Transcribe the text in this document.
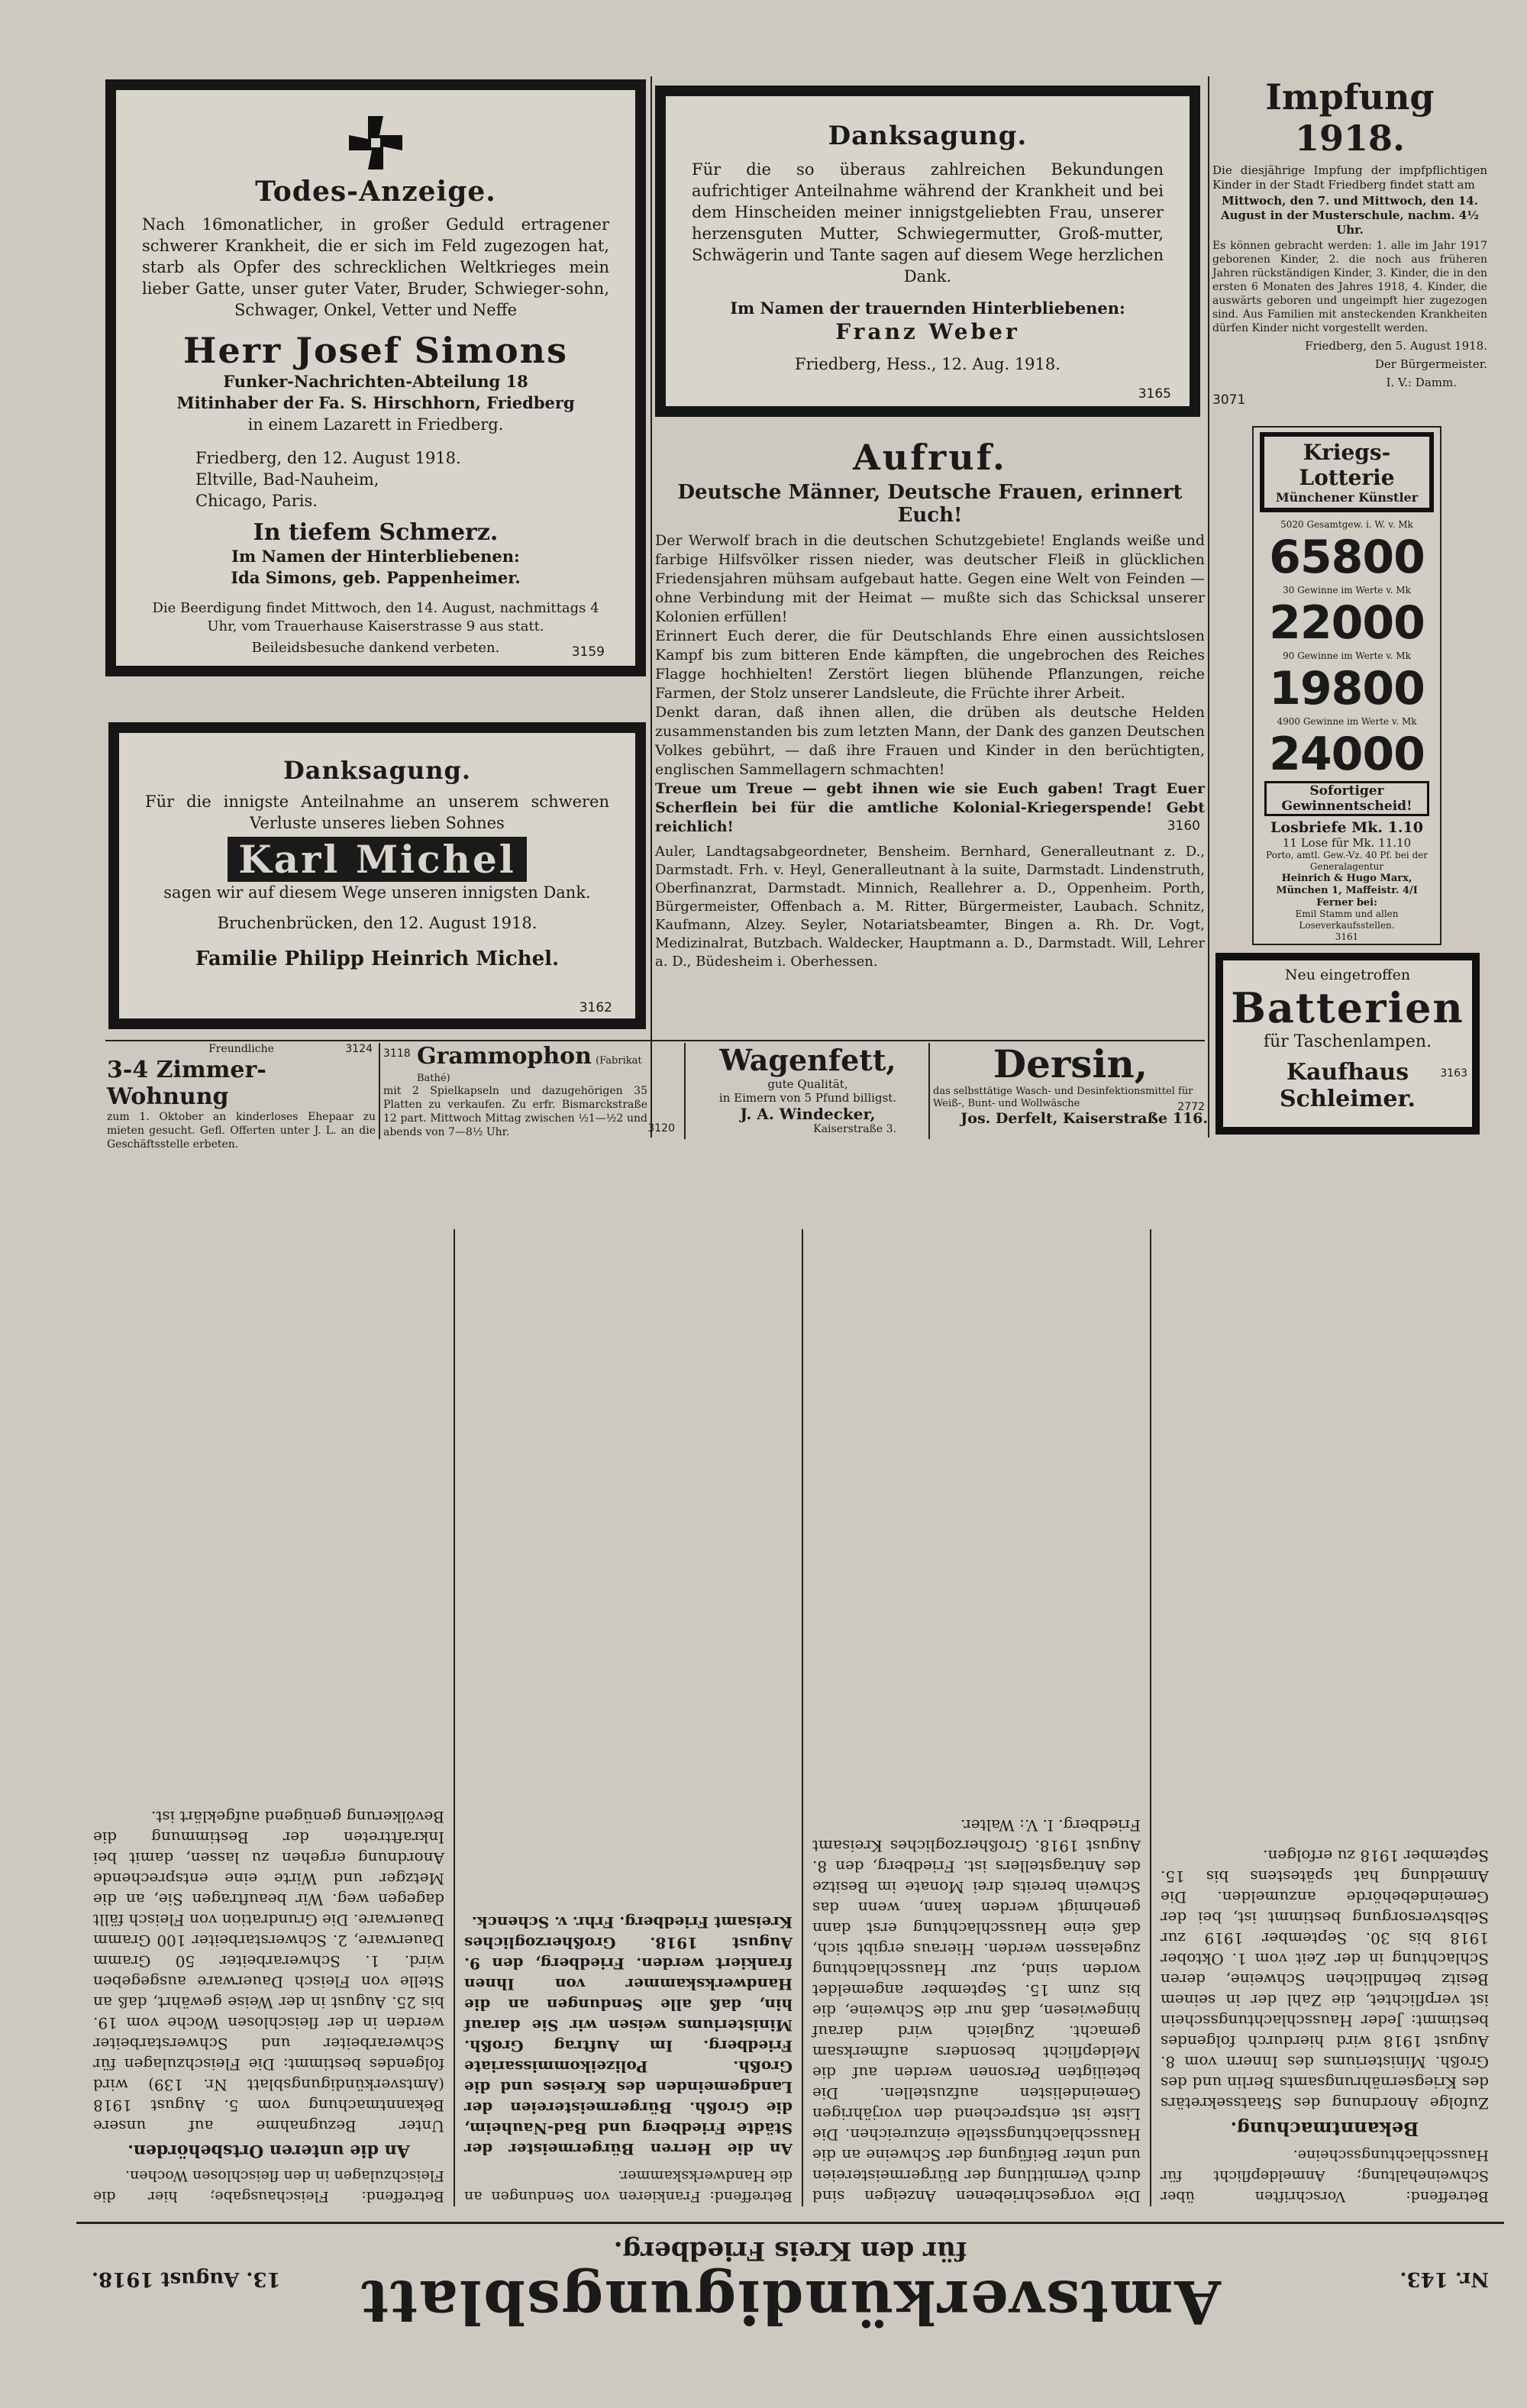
Todes-Anzeige.
Nach 16monatlicher, in großer Geduld ertragener schwerer Krankheit, die er sich im Feld zugezogen hat, starb als Opfer des schrecklichen Weltkrieges mein lieber Gatte, unser guter Vater, Bruder, Schwieger-sohn, Schwager, Onkel, Vetter und Neffe
Herr Josef Simons
Funker-Nachrichten-Abteilung 18
Mitinhaber der Fa. S. Hirschhorn, Friedberg
in einem Lazarett in Friedberg.
Friedberg, den 12. August 1918.
Eltville, Bad-Nauheim,
Chicago, Paris.
In tiefem Schmerz.
Im Namen der Hinterbliebenen:
Ida Simons, geb. Pappenheimer.
Die Beerdigung findet Mittwoch, den 14. August, nachmittags 4 Uhr, vom Trauerhause Kaiserstrasse 9 aus statt.
Beileidsbesuche dankend verbeten.	3159
Danksagung.
Für die so überaus zahlreichen Bekundungen aufrichtiger Anteilnahme während der Krankheit und bei dem Hinscheiden meiner innigstgeliebten Frau, unserer herzensguten Mutter, Schwiegermutter, Groß-mutter, Schwägerin und Tante sagen auf diesem Wege herzlichen Dank.
Im Namen der trauernden Hinterbliebenen:
Franz Weber
Friedberg, Hess., 12. Aug. 1918.
3165
Impfung 1918.
Die diesjährige Impfung der impfpflichtigen Kinder in der Stadt Friedberg findet statt am
Mittwoch, den 7. und Mittwoch, den 14. August in der Musterschule, nachm. 4½ Uhr.
Es können gebracht werden: 1. alle im Jahr 1917 geborenen Kinder, 2. die noch aus früheren Jahren rückständigen Kinder, 3. Kinder, die in den ersten 6 Monaten des Jahres 1918, 4. Kinder, die auswärts geboren und ungeimpft hier zugezogen sind. Aus Familien mit ansteckenden Krankheiten dürfen Kinder nicht vorgestellt werden.
Friedberg, den 5. August 1918.
Der Bürgermeister.
I. V.: Damm.
3071
Danksagung.
Für die innigste Anteilnahme an unserem schweren Verluste unseres lieben Sohnes
Karl Michel
sagen wir auf diesem Wege unseren innigsten Dank.
Bruchenbrücken, den 12. August 1918.
Familie Philipp Heinrich Michel.
3162
Aufruf.
Deutsche Männer, Deutsche Frauen, erinnert Euch!
Der Werwolf brach in die deutschen Schutzgebiete! Englands weiße und farbige Hilfsvölker rissen nieder, was deutscher Fleiß in glücklichen Friedensjahren mühsam aufgebaut hatte. Gegen eine Welt von Feinden — ohne Verbindung mit der Heimat — mußte sich das Schicksal unserer Kolonien erfüllen!
Erinnert Euch derer, die für Deutschlands Ehre einen aussichtslosen Kampf bis zum bitteren Ende kämpften, die ungebrochen des Reiches Flagge hochhielten! Zerstört liegen blühende Pflanzungen, reiche Farmen, der Stolz unserer Landsleute, die Früchte ihrer Arbeit.
Denkt daran, daß ihnen allen, die drüben als deutsche Helden zusammenstanden bis zum letzten Mann, der Dank des ganzen Deutschen Volkes gebührt, — daß ihre Frauen und Kinder in den berüchtigten, englischen Sammellagern schmachten!
Treue um Treue — gebt ihnen wie sie Euch gaben! Tragt Euer Scherflein bei für die amtliche Kolonial-Kriegerspende! Gebt reichlich!
Auler, Landtagsabgeordneter, Bensheim. Bernhard, Generalleutnant z. D., Darmstadt. Frh. v. Heyl, Generalleutnant à la suite, Darmstadt. Lindenstruth, Oberfinanzrat, Darmstadt. Minnich, Reallehrer a. D., Oppenheim. Porth, Bürgermeister, Offenbach a. M. Ritter, Bürgermeister, Laubach. Schnitz, Kaufmann, Alzey. Seyler, Notariatsbeamter, Bingen a. Rh. Dr. Vogt, Medizinalrat, Butzbach. Waldecker, Hauptmann a. D., Darmstadt. Will, Lehrer a. D., Büdesheim i. Oberhessen.
3160
Kriegs-Lotterie
Münchener Künstler
5020 Gesamtgew. i. W. v. Mk
65800
30 Gewinne im Werte v. Mk
22000
90 Gewinne im Werte v. Mk
19800
4900 Gewinne im Werte v. Mk
24000
Sofortiger
Gewinnentscheid!
Losbriefe Mk. 1.10
11 Lose für Mk. 11.10
Porto, amtl. Gew.-Vz. 40 Pf. bei der Generalagentur
Heinrich & Hugo Marx, München 1, Maffeistr. 4/I
Ferner bei:
Emil Stamm und allen Loseverkaufsstellen.
3161
Neu eingetroffen
Batterien
für Taschenlampen.
Kaufhaus Schleimer.
3163
Freundliche	3124
3-4 Zimmer-Wohnung
zum 1. Oktober an kinderloses Ehepaar zu mieten gesucht. Gefl. Offerten unter J. L. an die Geschäftsstelle erbeten.
3118 Grammophon (Fabrikat Bathé)
mit 2 Spielkapseln und dazugehörigen 35 Platten zu verkaufen. Zu erfr. Bismarckstraße 12 part. Mittwoch Mittag zwischen ½1—½2 und abends von 7—8½ Uhr.	3120
Wagenfett,
gute Qualität,
in Eimern von 5 Pfund billigst.
J. A. Windecker,
Kaiserstraße 3.
Dersin,
das selbsttätige Wasch- und Desinfektionsmittel für Weiß-, Bunt- und Wollwäsche	2772
Jos. Derfelt, Kaiserstraße 116.
Nr. 143.
Amtsverkündigungsblatt
für den Kreis Friedberg.
13. August 1918.
Betreffend: Vorschriften über Schweinehaltung; Anmeldepflicht für Hausschlachtungsscheine.
Bekanntmachung.
Zufolge Anordnung des Staatssekretärs des Kriegsernährungsamts Berlin und des Großh. Ministeriums des Innern vom 8. August 1918 wird hierdurch folgendes bestimmt: Jeder Hausschlachtungsschein ist verpflichtet, die Zahl der in seinem Besitz befindlichen Schweine, deren Schlachtung in der Zeit vom 1. Oktober 1918 bis 30. September 1919 zur Selbstversorgung bestimmt ist, bei der Gemeindebehörde anzumelden. Die Anmeldung hat spätestens bis 15. September 1918 zu erfolgen.
Die vorgeschriebenen Anzeigen sind durch Vermittlung der Bürgermeistereien und unter Beifügung der Schweine an die Hausschlachtungsstelle einzureichen. Die Liste ist entsprechend den vorjährigen Gemeindelisten aufzustellen. Die beteiligten Personen werden auf die Meldepflicht besonders aufmerksam gemacht. Zugleich wird darauf hingewiesen, daß nur die Schweine, die bis zum 15. September angemeldet worden sind, zur Hausschlachtung zugelassen werden. Hieraus ergibt sich, daß eine Hausschlachtung erst dann genehmigt werden kann, wenn das Schwein bereits drei Monate im Besitze des Antragstellers ist. Friedberg, den 8. August 1918. Großherzogliches Kreisamt Friedberg. I. V.: Walter.
Betreffend: Frankieren von Sendungen an die Handwerkskammer.
An die Herren Bürgermeister der Städte Friedberg und Bad-Nauheim, die Großh. Bürgermeistereien der Landgemeinden des Kreises und die Großh. Polizeikommissariate Friedberg. Im Auftrag Großh. Ministeriums weisen wir Sie darauf hin, daß alle Sendungen an die Handwerkskammer von Ihnen frankiert werden. Friedberg, den 9. August 1918. Großherzogliches Kreisamt Friedberg. Frhr. v. Schenck.
Betreffend: Fleischausgabe; hier die Fleischzulagen in den fleischlosen Wochen.
An die unteren Ortsbehörden.
Unter Bezugnahme auf unsere Bekanntmachung vom 5. August 1918 (Amtsverkündigungsblatt Nr. 139) wird folgendes bestimmt: Die Fleischzulagen für Schwerarbeiter und Schwerstarbeiter werden in der fleischlosen Woche vom 19. bis 25. August in der Weise gewährt, daß an Stelle von Fleisch Dauerware ausgegeben wird. 1. Schwerarbeiter 50 Gramm Dauerware, 2. Schwerstarbeiter 100 Gramm Dauerware. Die Grundration von Fleisch fällt dagegen weg. Wir beauftragen Sie, an die Metzger und Wirte eine entsprechende Anordnung ergehen zu lassen, damit bei Inkrafttreten der Bestimmung die Bevölkerung genügend aufgeklärt ist.
